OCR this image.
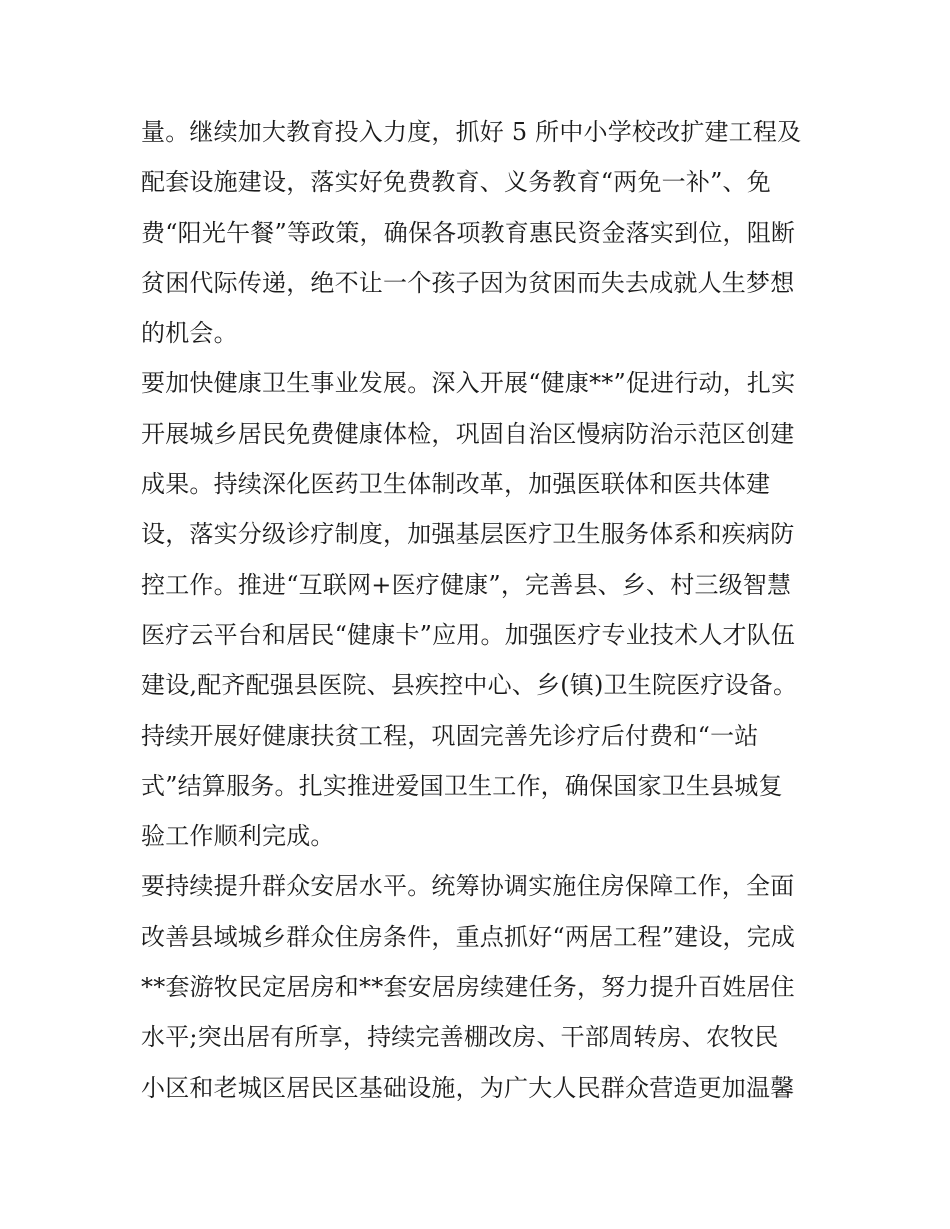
量。继续加大教育投入力度，抓好 5 所中小学校改扩建工程及
配套设施建设，落实好免费教育、义务教育“两免一补”、免
费“阳光午餐”等政策，确保各项教育惠民资金落实到位，阻断
贫困代际传递，绝不让一个孩子因为贫困而失去成就人生梦想
的机会。
要加快健康卫生事业发展。深入开展“健康**”促进行动，扎实
开展城乡居民免费健康体检，巩固自治区慢病防治示范区创建
成果。持续深化医药卫生体制改革，加强医联体和医共体建
设，落实分级诊疗制度，加强基层医疗卫生服务体系和疾病防
控工作。推进“互联网+医疗健康”，完善县、乡、村三级智慧
医疗云平台和居民“健康卡”应用。加强医疗专业技术人才队伍
建设,配齐配强县医院、县疾控中心、乡(镇)卫生院医疗设备。
持续开展好健康扶贫工程，巩固完善先诊疗后付费和“一站
式”结算服务。扎实推进爱国卫生工作，确保国家卫生县城复
验工作顺利完成。
要持续提升群众安居水平。统筹协调实施住房保障工作，全面
改善县域城乡群众住房条件，重点抓好“两居工程”建设，完成
**套游牧民定居房和**套安居房续建任务，努力提升百姓居住
水平;突出居有所享，持续完善棚改房、干部周转房、农牧民
小区和老城区居民区基础设施，为广大人民群众营造更加温馨
